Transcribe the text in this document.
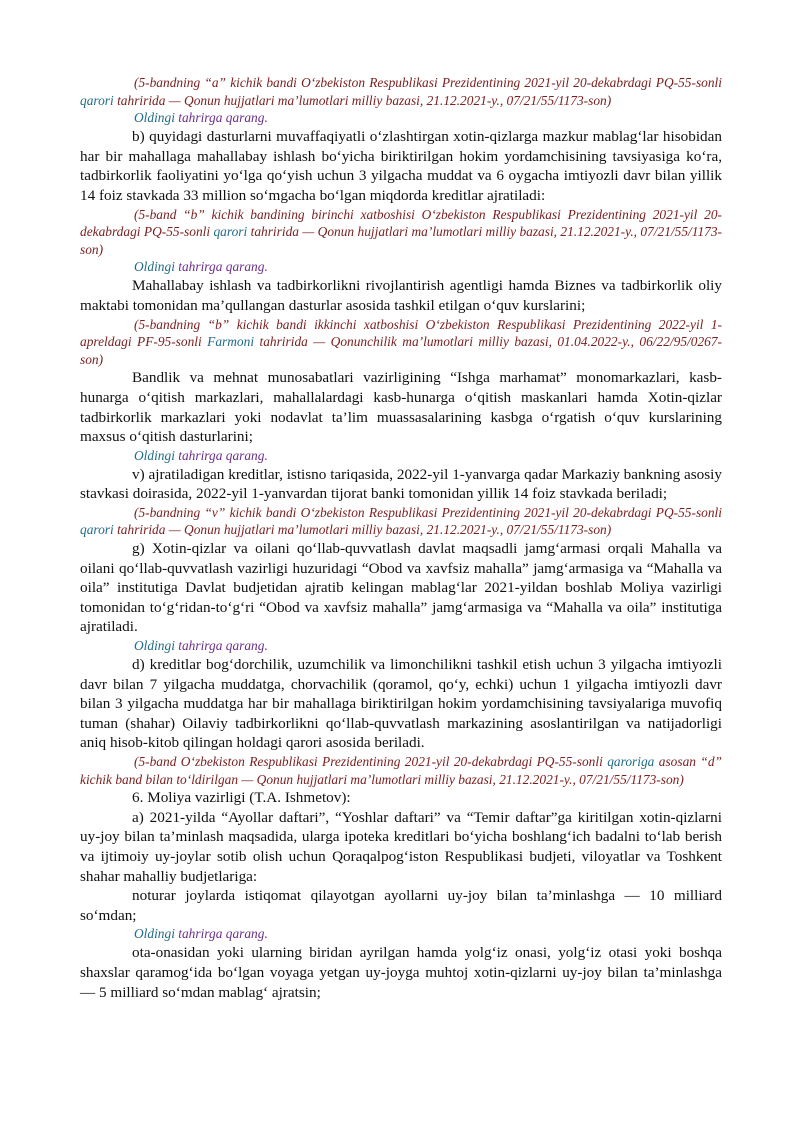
(5-bandning “a” kichik bandi O‘zbekiston Respublikasi Prezidentining 2021-yil 20-dekabrdagi PQ-55-sonli qarori tahririda — Qonun hujjatlari ma’lumotlari milliy bazasi, 21.12.2021-y., 07/21/55/1173-son)

Oldingi tahrirga qarang.

b) quyidagi dasturlarni muvaffaqiyatli o‘zlashtirgan xotin-qizlarga mazkur mablag‘lar hisobidan har bir mahallaga mahallabay ishlash bo‘yicha biriktirilgan hokim yordamchisining tavsiyasiga ko‘ra, tadbirkorlik faoliyatini yo‘lga qo‘yish uchun 3 yilgacha muddat va 6 oygacha imtiyozli davr bilan yillik 14 foiz stavkada 33 million so‘mgacha bo‘lgan miqdorda kreditlar ajratiladi:

(5-band “b” kichik bandining birinchi xatboshisi O‘zbekiston Respublikasi Prezidentining 2021-yil 20-dekabrdagi PQ-55-sonli qarori tahririda — Qonun hujjatlari ma’lumotlari milliy bazasi, 21.12.2021-y., 07/21/55/1173-son)

Oldingi tahrirga qarang.

Mahallabay ishlash va tadbirkorlikni rivojlantirish agentligi hamda Biznes va tadbirkorlik oliy maktabi tomonidan ma’qullangan dasturlar asosida tashkil etilgan o‘quv kurslarini;

(5-bandning “b” kichik bandi ikkinchi xatboshisi O‘zbekiston Respublikasi Prezidentining 2022-yil 1-apreldagi PF-95-sonli Farmoni tahririda — Qonunchilik ma’lumotlari milliy bazasi, 01.04.2022-y., 06/22/95/0267-son)

Bandlik va mehnat munosabatlari vazirligining “Ishga marhamat” monomarkazlari, kasb-hunarga o‘qitish markazlari, mahallalardagi kasb-hunarga o‘qitish maskanlari hamda Xotin-qizlar tadbirkorlik markazlari yoki nodavlat ta’lim muassasalarining kasbga o‘rgatish o‘quv kurslarining maxsus o‘qitish dasturlarini;

Oldingi tahrirga qarang.

v) ajratiladigan kreditlar, istisno tariqasida, 2022-yil 1-yanvarga qadar Markaziy bankning asosiy stavkasi doirasida, 2022-yil 1-yanvardan tijorat banki tomonidan yillik 14 foiz stavkada beriladi;

(5-bandning “v” kichik bandi O‘zbekiston Respublikasi Prezidentining 2021-yil 20-dekabrdagi PQ-55-sonli qarori tahririda — Qonun hujjatlari ma’lumotlari milliy bazasi, 21.12.2021-y., 07/21/55/1173-son)

g) Xotin-qizlar va oilani qo‘llab-quvvatlash davlat maqsadli jamg‘armasi orqali Mahalla va oilani qo‘llab-quvvatlash vazirligi huzuridagi “Obod va xavfsiz mahalla” jamg‘armasiga va “Mahalla va oila” institutiga Davlat budjetidan ajratib kelingan mablag‘lar 2021-yildan boshlab Moliya vazirligi tomonidan to‘g‘ridan-to‘g‘ri “Obod va xavfsiz mahalla” jamg‘armasiga va “Mahalla va oila” institutiga ajratiladi.

Oldingi tahrirga qarang.

d) kreditlar bog‘dorchilik, uzumchilik va limonchilikni tashkil etish uchun 3 yilgacha imtiyozli davr bilan 7 yilgacha muddatga, chorvachilik (qoramol, qo‘y, echki) uchun 1 yilgacha imtiyozli davr bilan 3 yilgacha muddatga har bir mahallaga biriktirilgan hokim yordamchisining tavsiyalariga muvofiq tuman (shahar) Oilaviy tadbirkorlikni qo‘llab-quvvatlash markazining asoslantirilgan va natijadorligi aniq hisob-kitob qilingan holdagi qarori asosida beriladi.

(5-band O‘zbekiston Respublikasi Prezidentining 2021-yil 20-dekabrdagi PQ-55-sonli qaroriga asosan “d” kichik band bilan to‘ldirilgan — Qonun hujjatlari ma’lumotlari milliy bazasi, 21.12.2021-y., 07/21/55/1173-son)

6. Moliya vazirligi (T.A. Ishmetov):

a) 2021-yilda “Ayollar daftari”, “Yoshlar daftari” va “Temir daftar”ga kiritilgan xotin-qizlarni uy-joy bilan ta’minlash maqsadida, ularga ipoteka kreditlari bo‘yicha boshlang‘ich badalni to‘lab berish va ijtimoiy uy-joylar sotib olish uchun Qoraqalpog‘iston Respublikasi budjeti, viloyatlar va Toshkent shahar mahalliy budjetlariga:

noturar joylarda istiqomat qilayotgan ayollarni uy-joy bilan ta’minlashga — 10 milliard so‘mdan;

Oldingi tahrirga qarang.

ota-onasidan yoki ularning biridan ayrilgan hamda yolg‘iz onasi, yolg‘iz otasi yoki boshqa shaxslar qaramog‘ida bo‘lgan voyaga yetgan uy-joyga muhtoj xotin-qizlarni uy-joy bilan ta’minlashga — 5 milliard so‘mdan mablag‘ ajratsin;
